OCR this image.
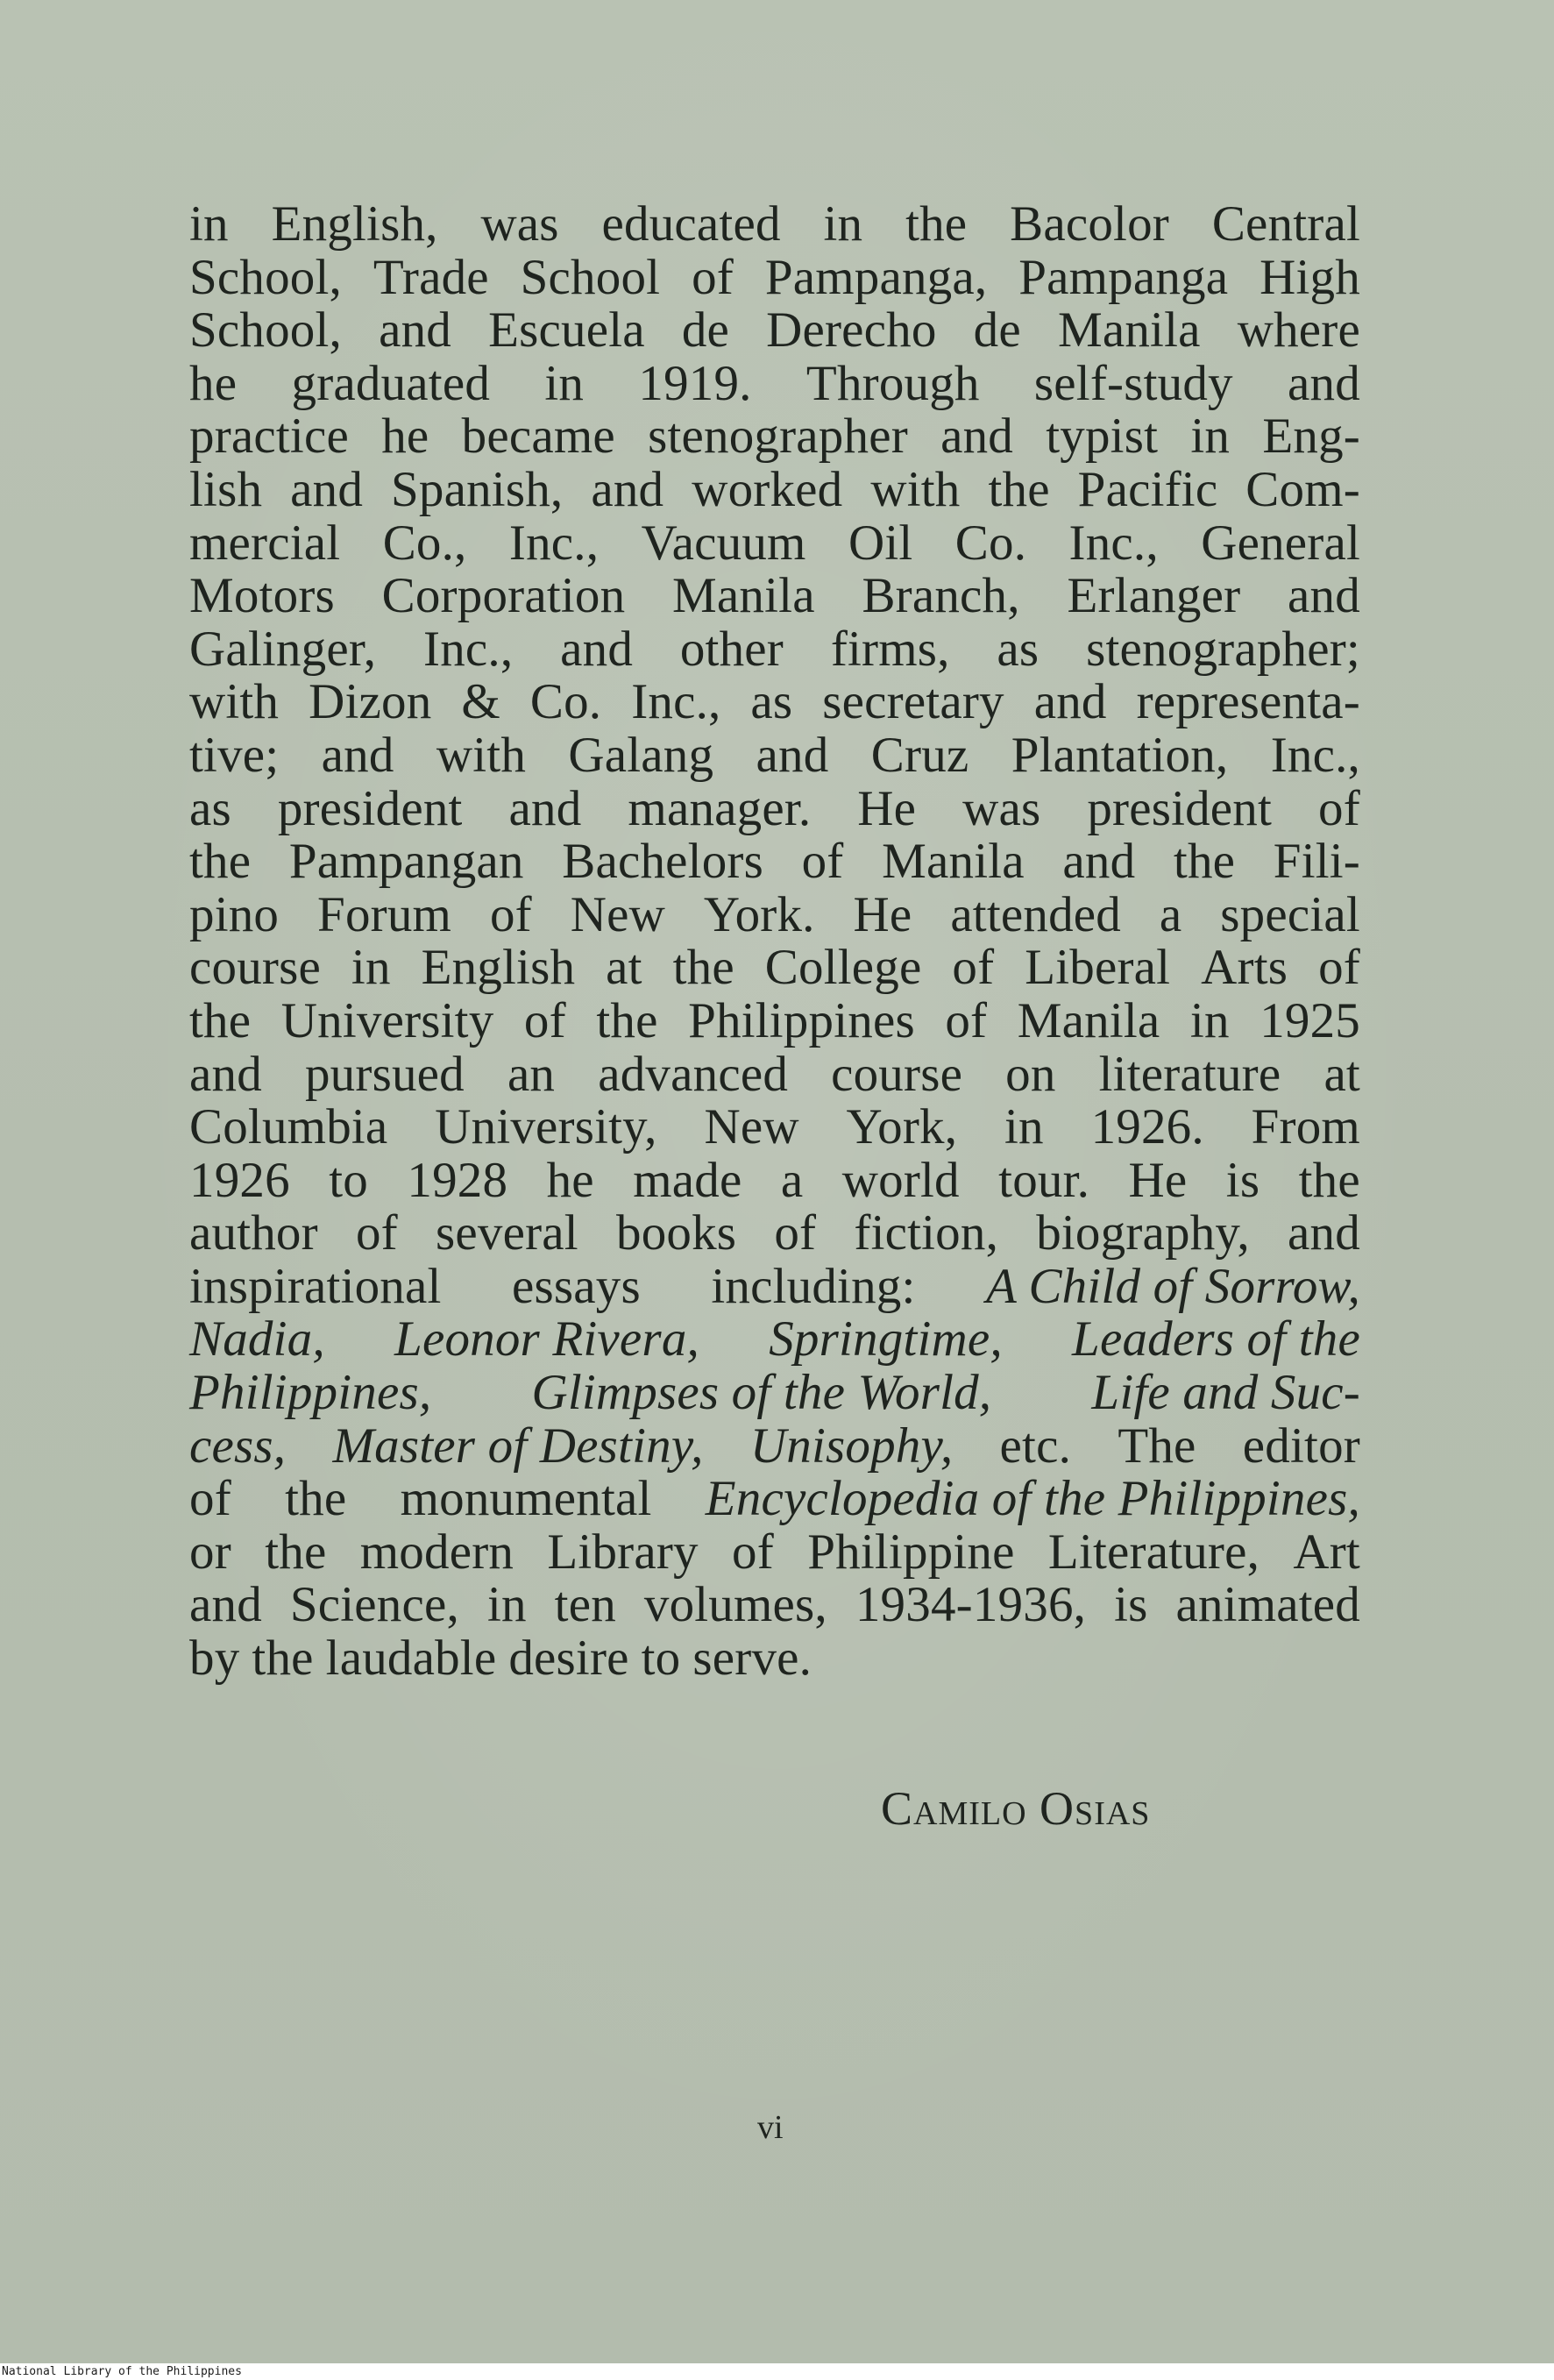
in English, was educated in the Bacolor Central
School, Trade School of Pampanga, Pampanga High
School, and Escuela de Derecho de Manila where
he graduated in 1919. Through self-study and
practice he became stenographer and typist in Eng-
lish and Spanish, and worked with the Pacific Com-
mercial Co., Inc., Vacuum Oil Co. Inc., General
Motors Corporation Manila Branch, Erlanger and
Galinger, Inc., and other firms, as stenographer;
with Dizon & Co. Inc., as secretary and representa-
tive; and with Galang and Cruz Plantation, Inc.,
as president and manager. He was president of
the Pampangan Bachelors of Manila and the Fili-
pino Forum of New York. He attended a special
course in English at the College of Liberal Arts of
the University of the Philippines of Manila in 1925
and pursued an advanced course on literature at
Columbia University, New York, in 1926. From
1926 to 1928 he made a world tour. He is the
author of several books of fiction, biography, and
inspirational essays including: A Child of Sorrow,
Nadia, Leonor Rivera, Springtime, Leaders of the
Philippines, Glimpses of the World, Life and Suc-
cess, Master of Destiny, Unisophy, etc. The editor
of the monumental Encyclopedia of the Philippines,
or the modern Library of Philippine Literature, Art
and Science, in ten volumes, 1934-1936, is animated
by the laudable desire to serve.
Camilo Osias
vi
National Library of the Philippines
